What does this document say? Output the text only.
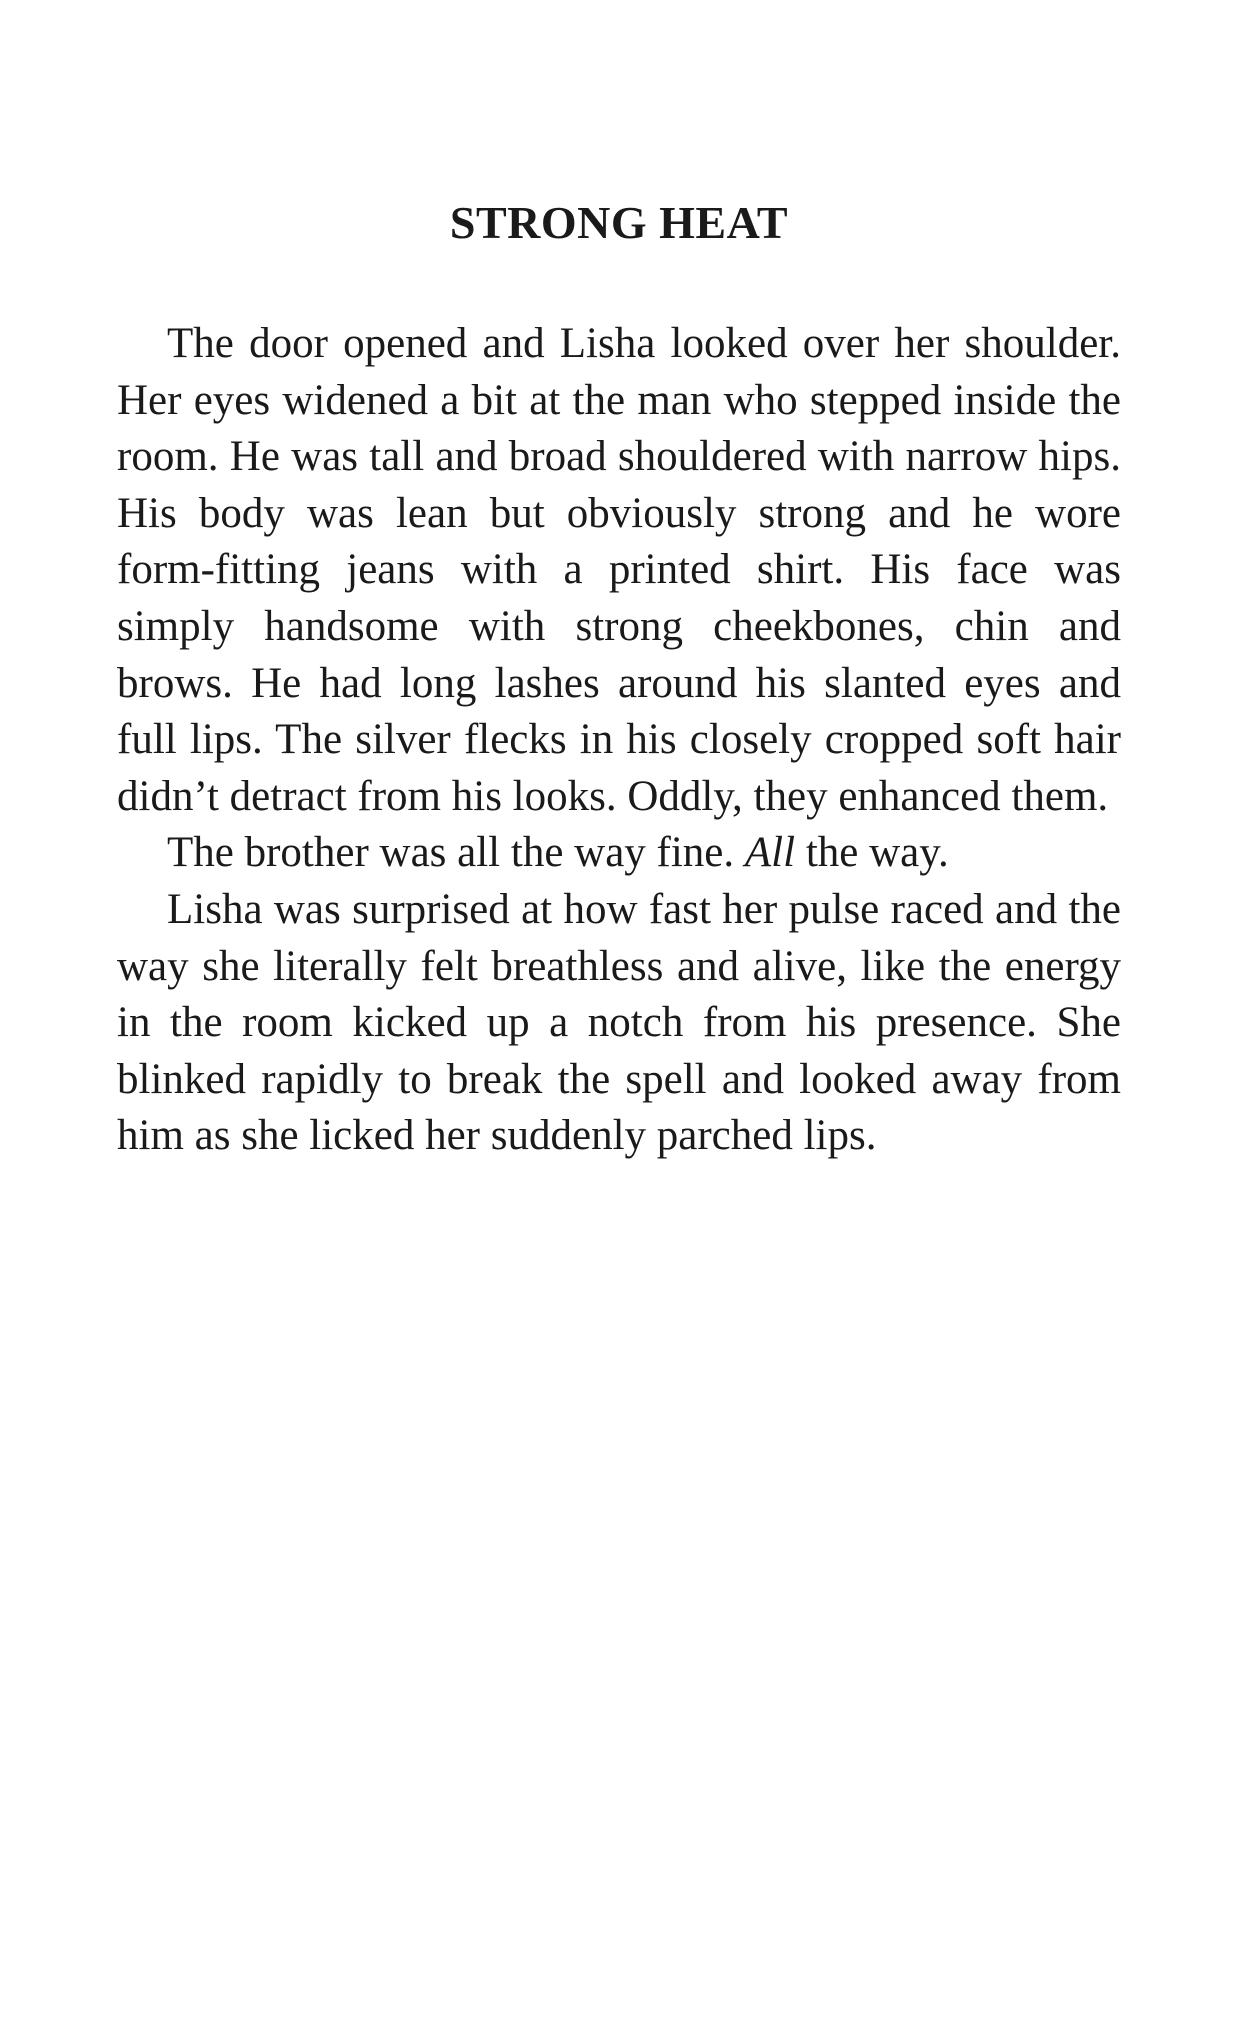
STRONG HEAT

The door opened and Lisha looked over her shoulder. Her eyes widened a bit at the man who stepped inside the room. He was tall and broad shouldered with narrow hips. His body was lean but obviously strong and he wore form-fitting jeans with a printed shirt. His face was simply handsome with strong cheekbones, chin and brows. He had long lashes around his slanted eyes and full lips. The silver flecks in his closely cropped soft hair didn’t detract from his looks. Oddly, they enhanced them.

The brother was all the way fine. All the way.

Lisha was surprised at how fast her pulse raced and the way she literally felt breathless and alive, like the energy in the room kicked up a notch from his presence. She blinked rapidly to break the spell and looked away from him as she licked her suddenly parched lips.
